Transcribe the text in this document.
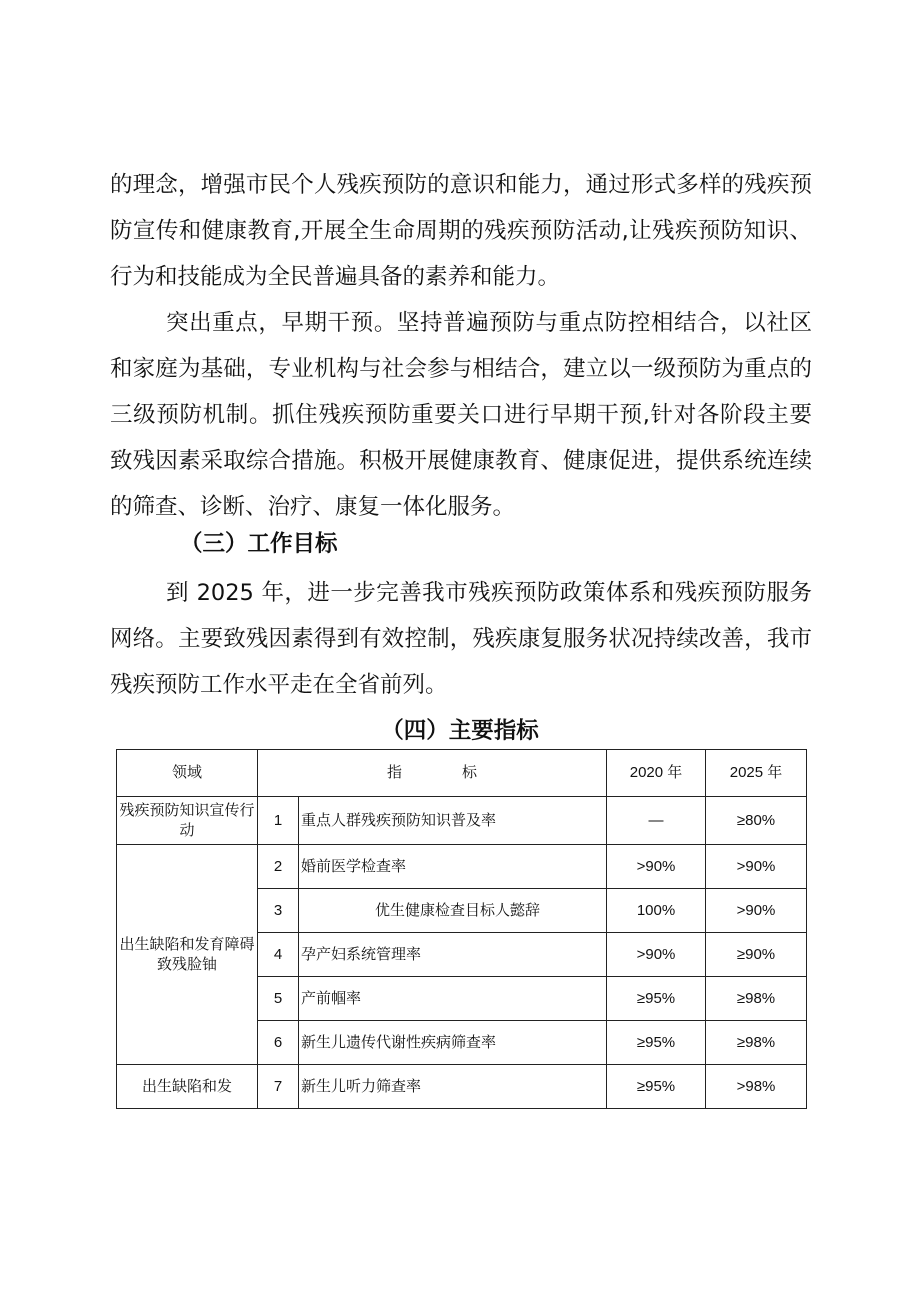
的理念，增强市民个人残疾预防的意识和能力，通过形式多样的残疾预防宣传和健康教育,开展全生命周期的残疾预防活动,让残疾预防知识、行为和技能成为全民普遍具备的素养和能力。

突出重点，早期干预。坚持普遍预防与重点防控相结合，以社区和家庭为基础，专业机构与社会参与相结合，建立以一级预防为重点的三级预防机制。抓住残疾预防重要关口进行早期干预,针对各阶段主要致残因素采取综合措施。积极开展健康教育、健康促进，提供系统连续的筛查、诊断、治疗、康复一体化服务。

（三）工作目标

到 2025 年，进一步完善我市残疾预防政策体系和残疾预防服务网络。主要致残因素得到有效控制，残疾康复服务状况持续改善，我市残疾预防工作水平走在全省前列。

（四）主要指标
领域	指　　　　标		2020 年	2025 年
残疾预防知识宣传行动	1	重点人群残疾预防知识普及率	—	≥80%
出生缺陷和发育障碍致残脸铀	2	婚前医学检查率	>90%	>90%
	3	优生健康检查目标人懿辞	100%	>90%
	4	孕产妇系统管理率	>90%	≥90%
	5	产前帼率	≥95%	≥98%
	6	新生儿遗传代谢性疾病筛查率	≥95%	≥98%
出生缺陷和发	7	新生儿听力筛查率	≥95%	>98%
